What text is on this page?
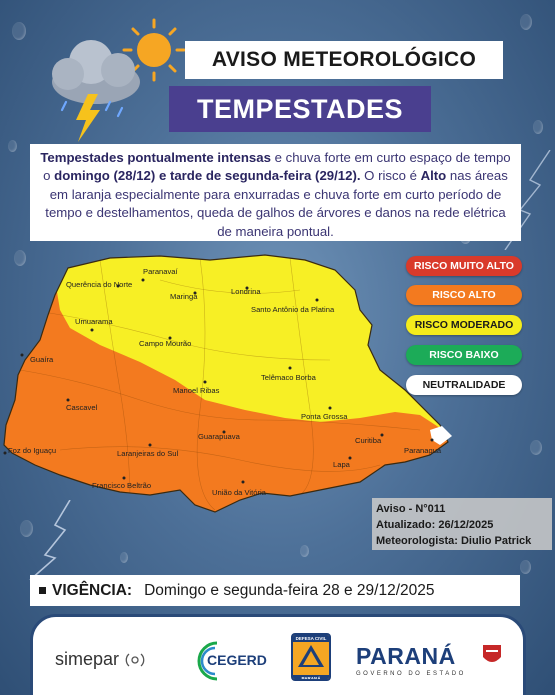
AVISO METEOROLÓGICO
TEMPESTADES
Tempestades pontualmente intensas e chuva forte em curto espaço de tempo o domingo (28/12) e tarde de segunda-feira (29/12). O risco é Alto nas áreas em laranja especialmente para enxurradas e chuva forte em curto período de tempo e destelhamentos, queda de galhos de árvores e danos na rede elétrica de maneira pontual.
Paranavaí
Querência do Norte
Londrina
Maringá
Santo Antônio da Platina
Umuarama
Campo Mourão
Guaíra
Telêmaco Borba
Manoel Ribas
Cascavel
Ponta Grossa
Curitiba
Guarapuava
Foz do Iguaçu	Laranjeiras do Sul	Paranaguá
Lapa
Francisco Beltrão
União da Vitória
Aviso - N°011
Atualizado: 26/12/2025
Meteorologista: Diulio Patrick
VIGÊNCIA: Domingo e segunda-feira 28 e 29/12/2025
simepar	CEGERD
DEFESA CIVIL
PARANÁ
PARANÁ
GOVERNO DO ESTADO
RISCO MUITO ALTO
RISCO ALTO
RISCO MODERADO
RISCO BAIXO
NEUTRALIDADE
